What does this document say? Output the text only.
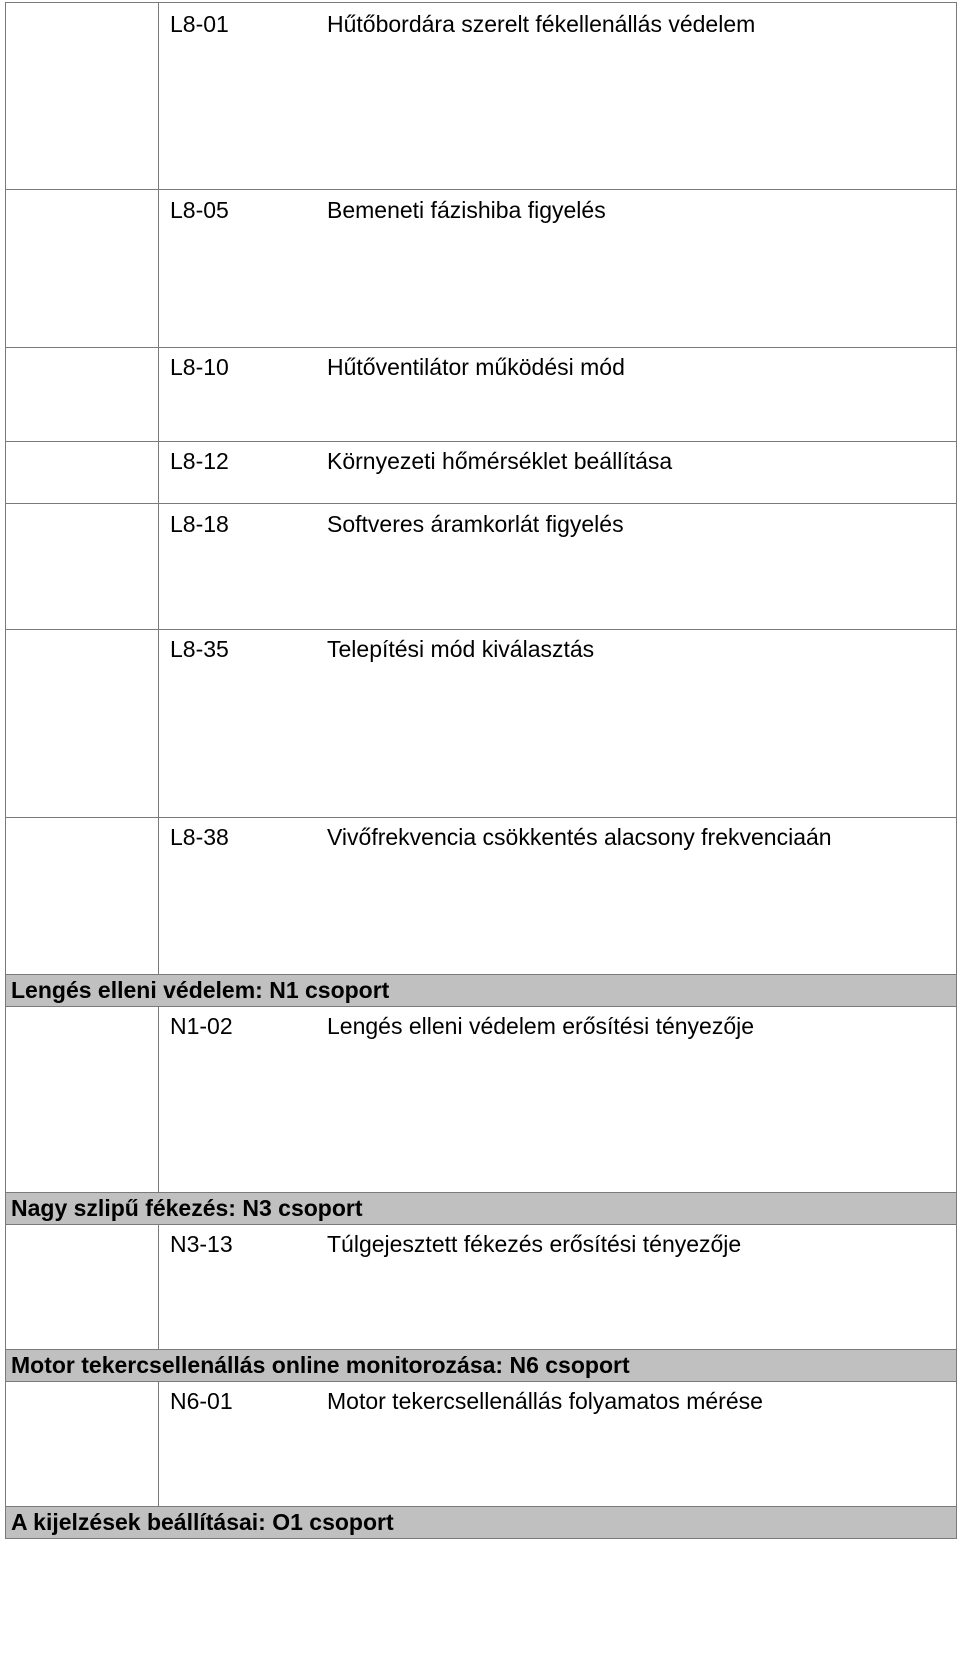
L8-01	Hűtőbordára szerelt fékellenállás védelem
L8-05	Bemeneti fázishiba figyelés
L8-10	Hűtőventilátor működési mód
L8-12	Környezeti hőmérséklet beállítása
L8-18	Softveres áramkorlát figyelés
L8-35	Telepítési mód kiválasztás
L8-38	Vivőfrekvencia csökkentés alacsony frekvenciaán
Lengés elleni védelem: N1 csoport
N1-02	Lengés elleni védelem erősítési tényezője
Nagy szlipű fékezés: N3 csoport
N3-13	Túlgejesztett fékezés erősítési tényezője
Motor tekercsellenállás online monitorozása: N6 csoport
N6-01	Motor tekercsellenállás folyamatos mérése
A kijelzések beállításai: O1 csoport
